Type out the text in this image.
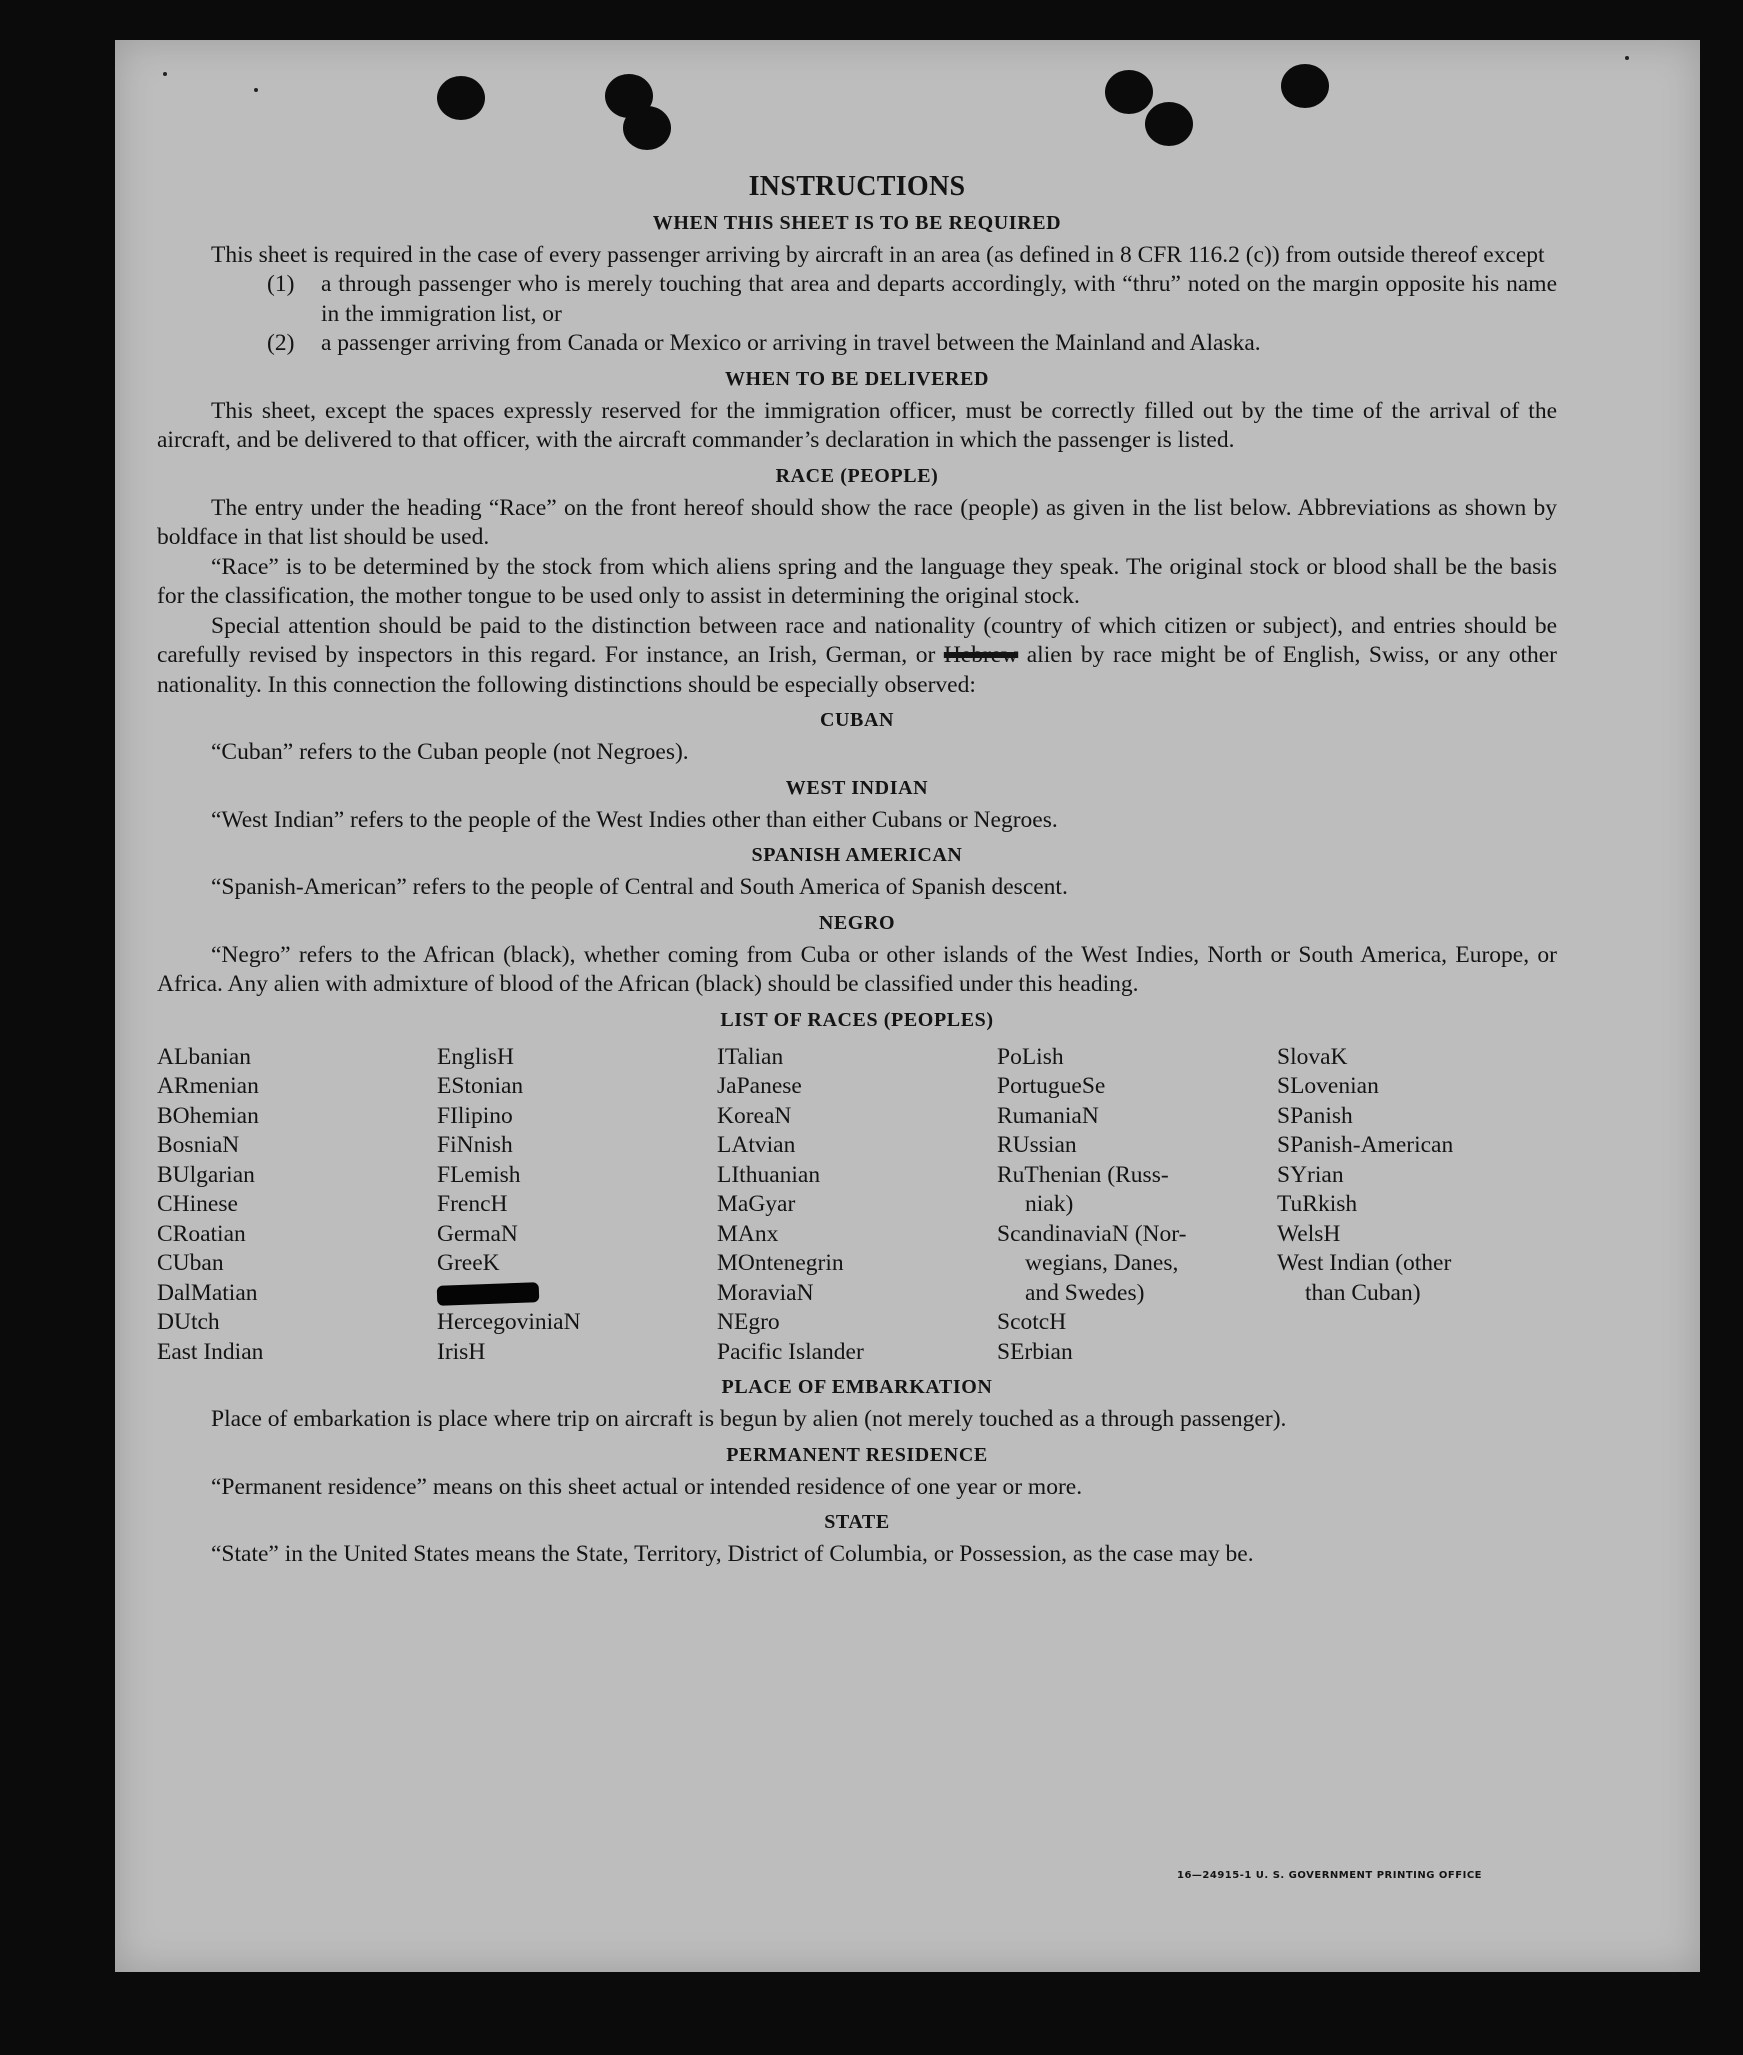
INSTRUCTIONS
WHEN THIS SHEET IS TO BE REQUIRED

This sheet is required in the case of every passenger arriving by aircraft in an area (as defined in 8 CFR 116.2 (c)) from outside thereof except

(1)	a through passenger who is merely touching that area and departs accordingly, with “thru” noted on the margin opposite his name in the immigration list, or
(2)	a passenger arriving from Canada or Mexico or arriving in travel between the Mainland and Alaska.
WHEN TO BE DELIVERED

This sheet, except the spaces expressly reserved for the immigration officer, must be correctly filled out by the time of the arrival of the aircraft, and be delivered to that officer, with the aircraft commander’s declaration in which the passenger is listed.

RACE (PEOPLE)

The entry under the heading “Race” on the front hereof should show the race (people) as given in the list below. Abbreviations as shown by boldface in that list should be used.

“Race” is to be determined by the stock from which aliens spring and the language they speak. The original stock or blood shall be the basis for the classification, the mother tongue to be used only to assist in determining the original stock.

Special attention should be paid to the distinction between race and nationality (country of which citizen or subject), and entries should be carefully revised by inspectors in this regard. For instance, an Irish, German, or Hebrew alien by race might be of English, Swiss, or any other nationality. In this connection the following distinctions should be especially observed:

CUBAN

“Cuban” refers to the Cuban people (not Negroes).

WEST INDIAN

“West Indian” refers to the people of the West Indies other than either Cubans or Negroes.

SPANISH AMERICAN

“Spanish-American” refers to the people of Central and South America of Spanish descent.

NEGRO

“Negro” refers to the African (black), whether coming from Cuba or other islands of the West Indies, North or South America, Europe, or Africa. Any alien with admixture of blood of the African (black) should be classified under this heading.

LIST OF RACES (PEOPLES)
ALbanian
ARmenian
BOhemian
BosniaN
BUlgarian
CHinese
CRoatian
CUban
DalMatian
DUtch
East Indian
EnglisH
EStonian
FIlipino
FiNnish
FLemish
FrencH
GermaN
GreeK
HercegoviniaN
IrisH
ITalian
JaPanese
KoreaN
LAtvian
LIthuanian
MaGyar
MAnx
MOntenegrin
MoraviaN
NEgro
Pacific Islander
PoLish
PortugueSe
RumaniaN
RUssian
RuThenian (Russ-
niak)
ScandinaviaN (Nor-
wegians, Danes,
and Swedes)
ScotcH
SErbian
SlovaK
SLovenian
SPanish
SPanish-American
SYrian
TuRkish
WelsH
West Indian (other
than Cuban)
PLACE OF EMBARKATION

Place of embarkation is place where trip on aircraft is begun by alien (not merely touched as a through passenger).

PERMANENT RESIDENCE

“Permanent residence” means on this sheet actual or intended residence of one year or more.

STATE

“State” in the United States means the State, Territory, District of Columbia, or Possession, as the case may be.

16—24915-1 U. S. GOVERNMENT PRINTING OFFICE
